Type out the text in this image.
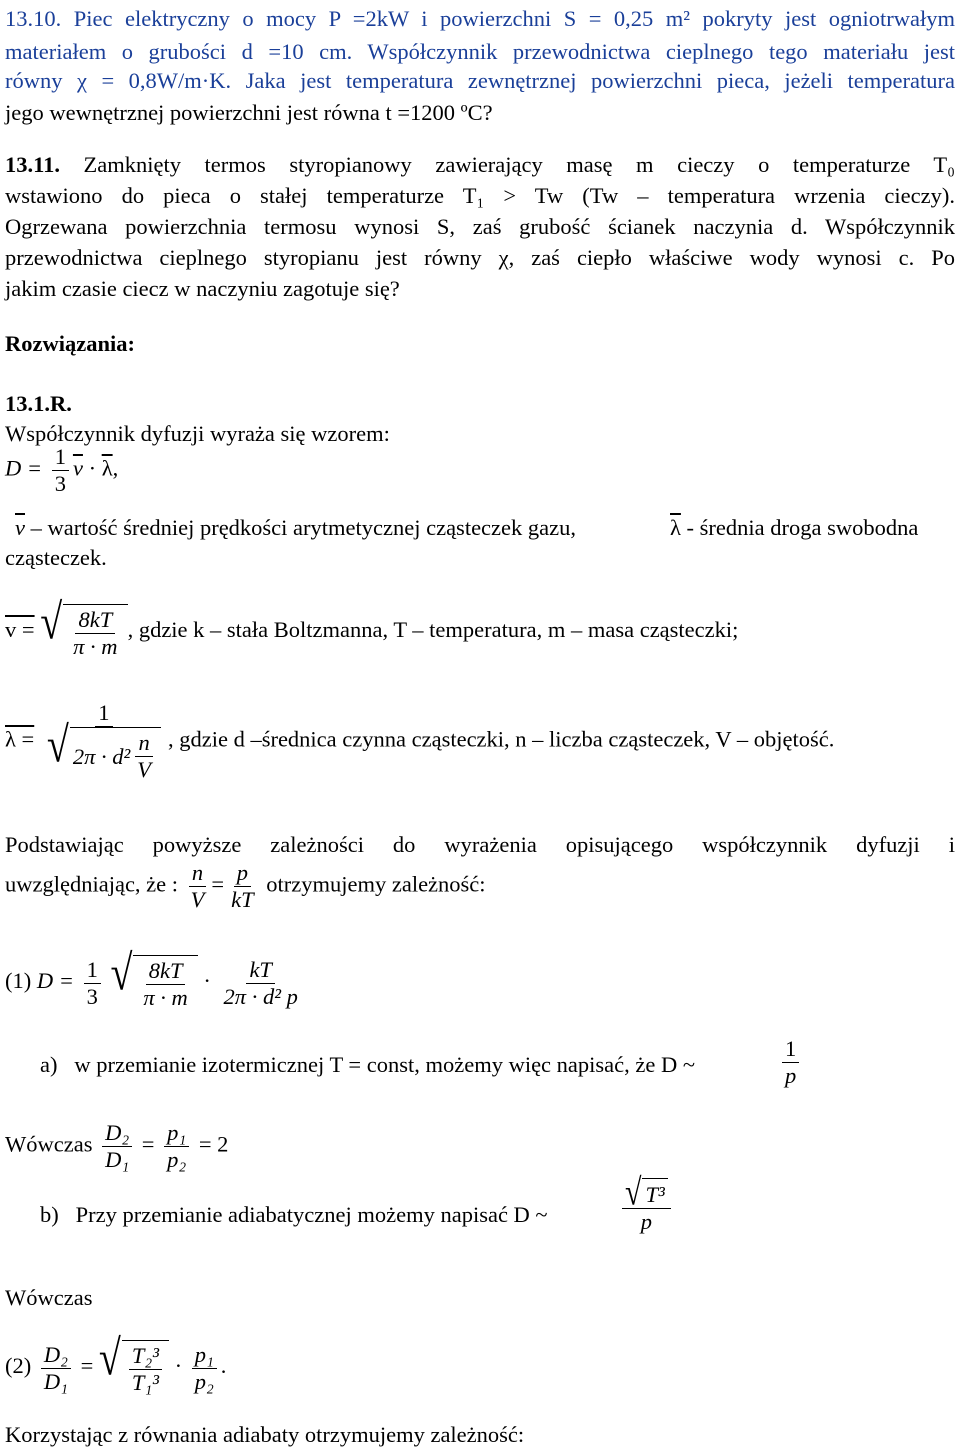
13.10. Piec elektryczny o mocy P =2kW i powierzchni S = 0,25 m² pokryty jest ogniotrwałym
materiałem o grubości d =10 cm. Współczynnik przewodnictwa cieplnego tego materiału jest
równy χ = 0,8W/m·K. Jaka jest temperatura zewnętrznej powierzchni pieca, jeżeli temperatura
jego wewnętrznej powierzchni jest równa t =1200 ºC?
13.11. Zamknięty termos styropianowy zawierający masę m cieczy o temperaturze T₀
wstawiono do pieca o stałej temperaturze T₁ > Tw (Tw – temperatura wrzenia cieczy).
Ogrzewana powierzchnia termosu wynosi S, zaś grubość ścianek naczynia d. Współczynnik
przewodnictwa cieplnego styropianu jest równy χ, zaś ciepło właściwe wody wynosi c. Po
jakim czasie ciecz w naczyniu zagotuje się?
Rozwiązania:
13.1.R.
Współczynnik dyfuzji wyraża się wzorem:
$D = \frac{1}{3} \overline{v} \cdot \overline{\lambda}$,
$\overline{v}$ – wartość średniej prędkości arytmetycznej cząsteczek gazu,	$\overline{\lambda}$ - średnia droga swobodna
cząsteczek.
v = √ $\frac{8kT}{\pi \cdot m}$ , gdzie k – stała Boltzmanna, T – temperatura, m – masa cząsteczki;
$\lambda = \frac{1}{√ 2\pi \cdot d^2 \frac{n}{V}}$ , gdzie d –średnica czynna cząsteczki, n – liczba cząsteczek, V – objętość.
Podstawiając powyższe zależności do wyrażenia opisującego współczynnik dyfuzji i
uwzględniając, że : $\frac{n}{V} = \frac{p}{kT}$ otrzymujemy zależność:
(1) $D = \frac{1}{3}$
√ $\frac{8kT}{\pi \cdot m} \cdot \frac{kT}{\text{2π · d² p}}$
a) w przemianie izotermicznej T = const, możemy więc napisać, że D ~	$\frac{1}{p}$
Wówczas $\frac{\text{D₂}}{\text{D₁}} = \frac{\text{p₁}}{\text{p₂}} = 2$
b) Przy przemianie adiabatycznej możemy napisać D ~ $\frac{\text{√ T³}}{p}$
Wówczas
$(2) \frac{\text{D₂}}{\text{D₁}}$ = √ $\frac{\text{T₂³}}{\text{T₁³}} \cdot \frac{\text{p₁}}{\text{p₂}}$ .
Korzystając z równania adiabaty otrzymujemy zależność:
